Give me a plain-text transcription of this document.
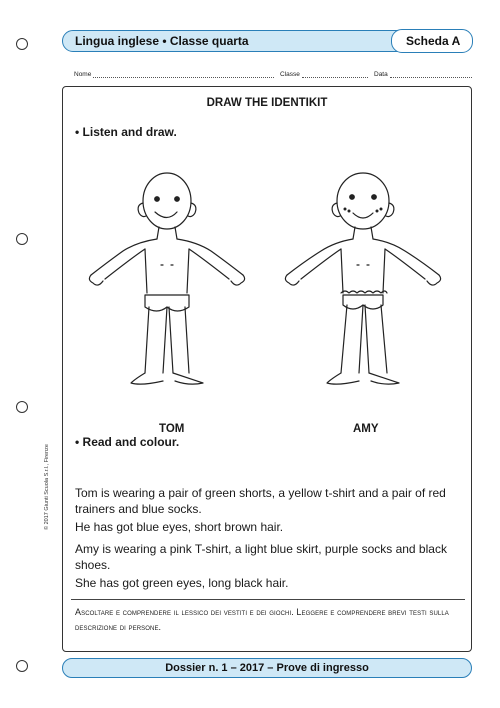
Lingua inglese • Classe quarta	Scheda A
Nome	Classe	Data
DRAW THE IDENTIKIT
• Listen and draw.
TOM	AMY
• Read and colour.
Tom is wearing a pair of green shorts, a yellow t-shirt and a pair of red trainers and blue socks.
He has got blue eyes, short brown hair.
Amy is wearing a pink T-shirt, a light blue skirt, purple socks and black shoes.
She has got green eyes, long black hair.
Ascoltare e comprendere il lessico dei vestiti e dei giochi. Leggere e comprendere brevi testi sulla descrizione di persone.
© 2017 Giunti Scuola S.r.l., Firenze
Dossier n. 1 – 2017 – Prove di ingresso
